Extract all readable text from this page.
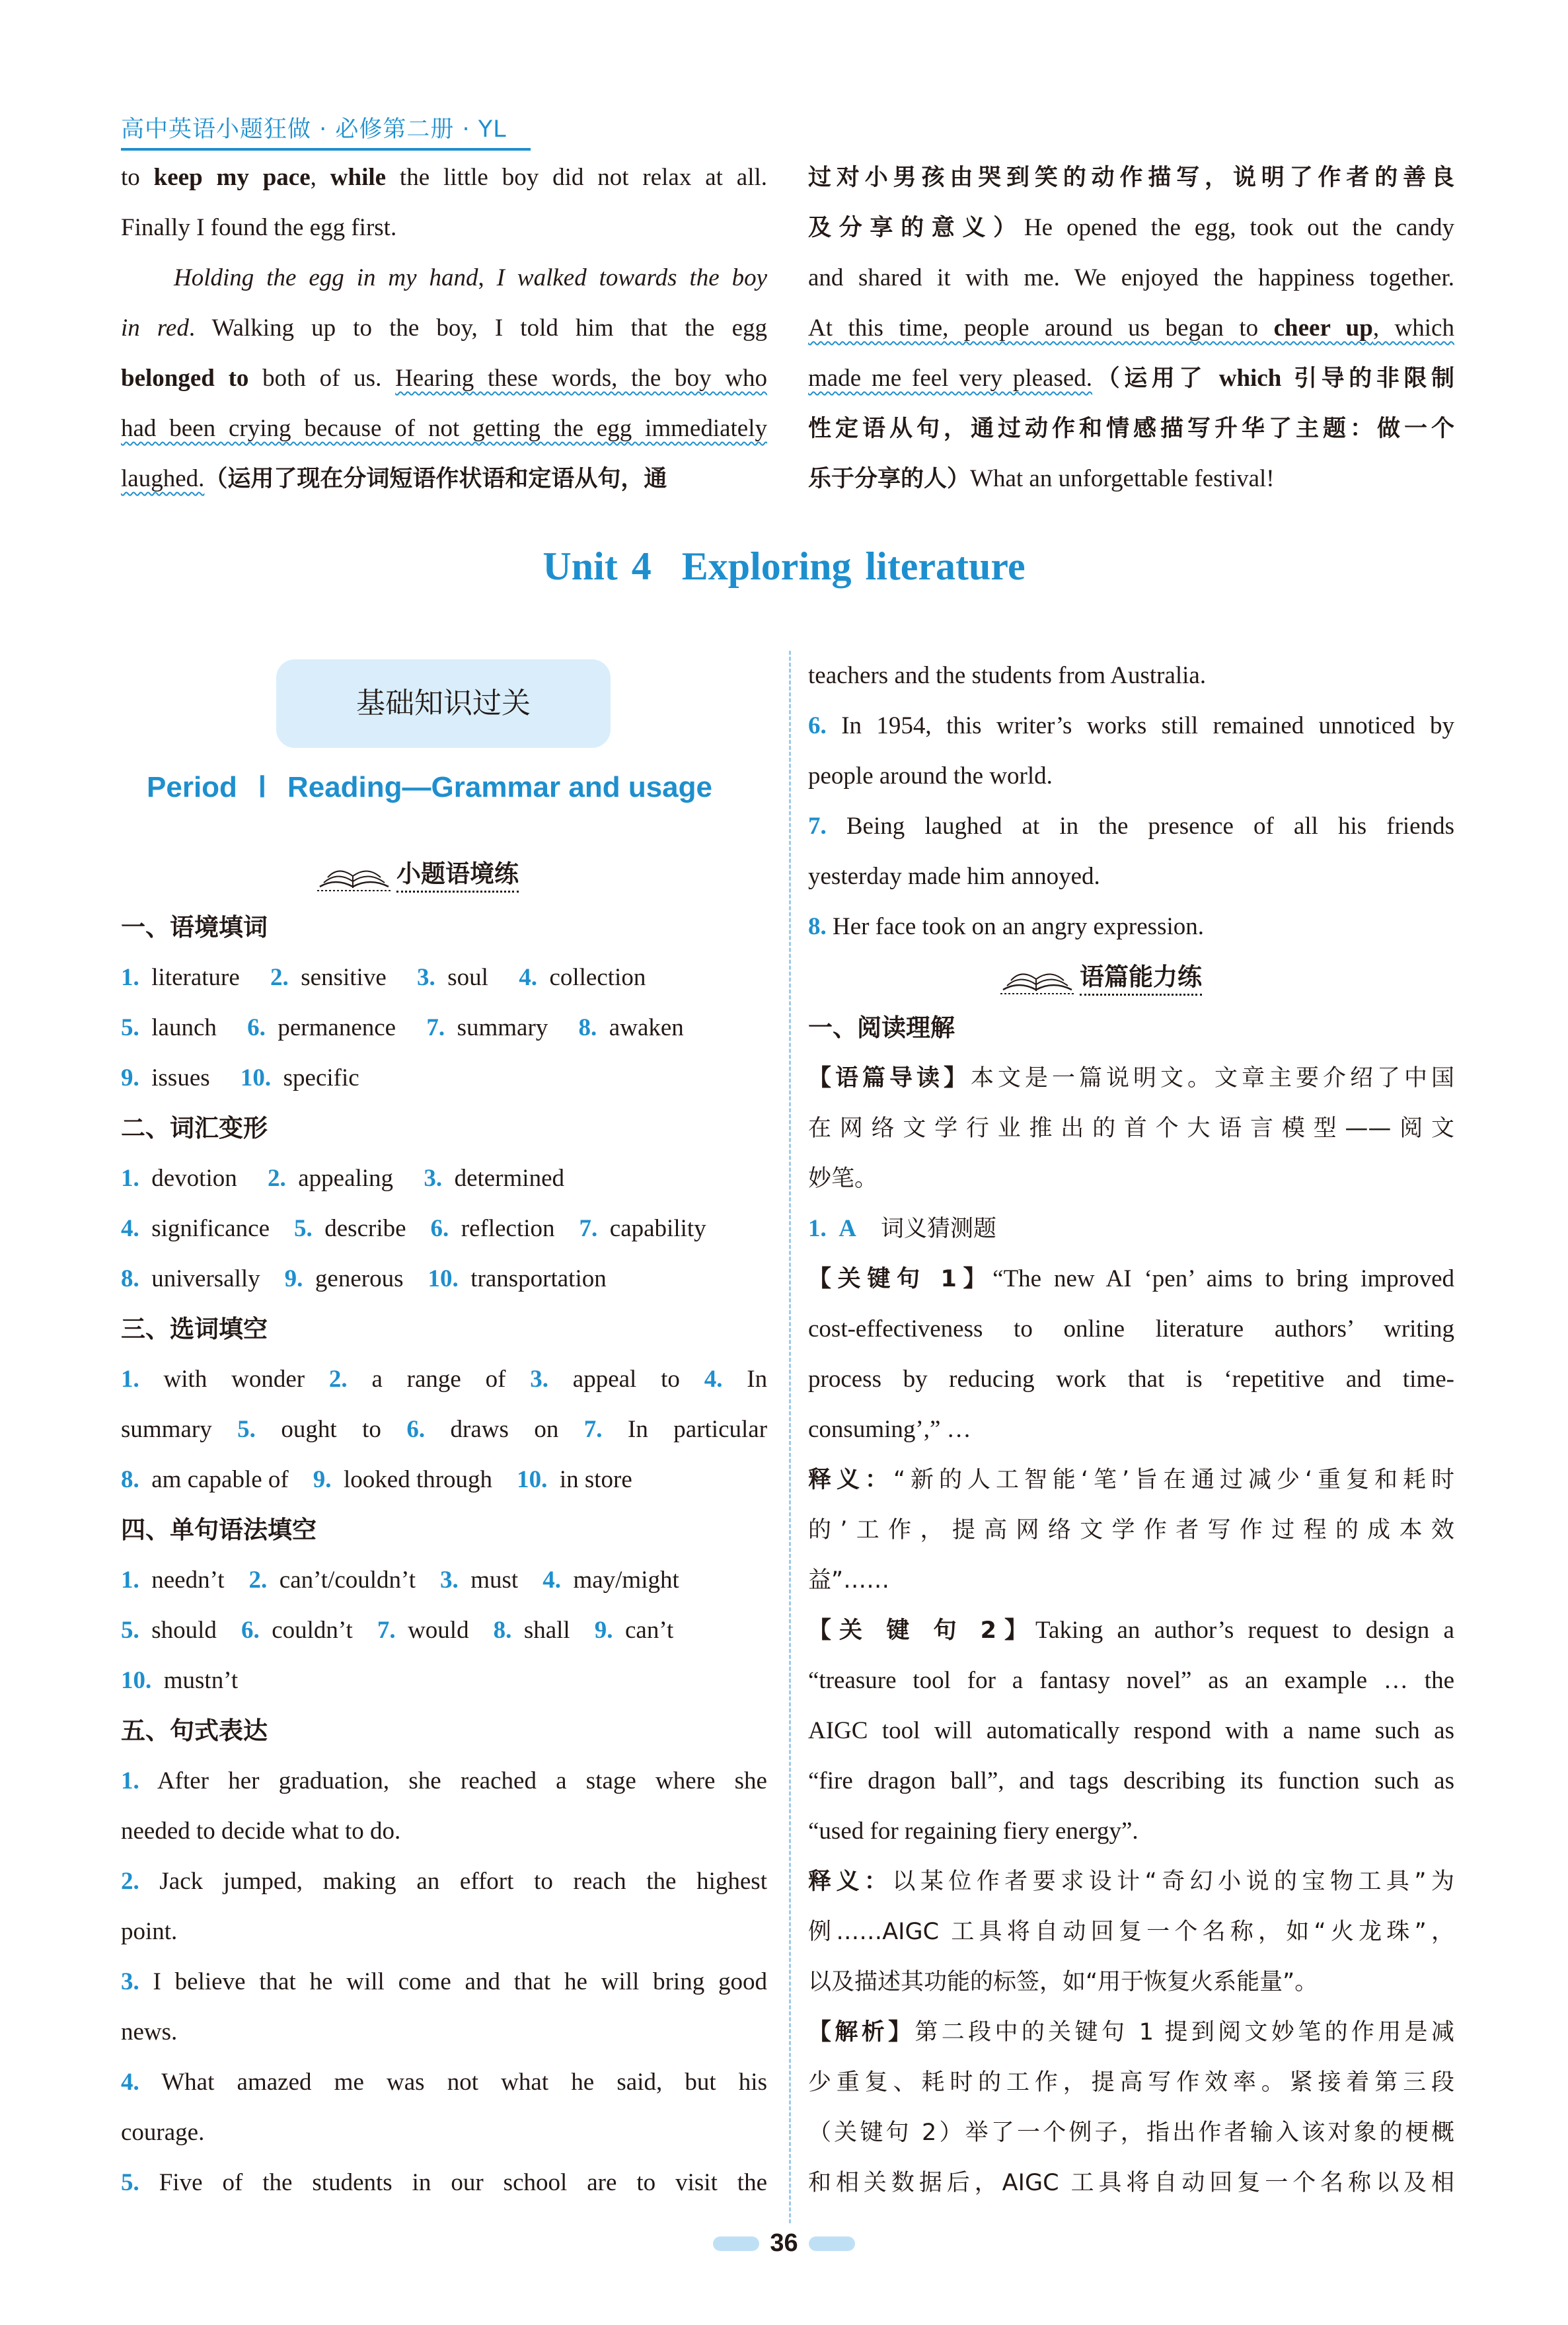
高中英语小题狂做 · 必修第二册 · YL
to keep my pace, while the little boy did not relax at all.
Finally I found the egg first.
Holding the egg in my hand, I walked towards the boy
in red. Walking up to the boy, I told him that the egg
belonged to both of us. Hearing these words, the boy who
had been crying because of not getting the egg immediately
laughed.（运用了现在分词短语作状语和定语从句，通
过对小男孩由哭到笑的动作描写，说明了作者的善良
及分享的意义）He opened the egg, took out the candy
and shared it with me. We enjoyed the happiness together.
At this time, people around us began to cheer up, which
made me feel very pleased.（运用了 which 引导的非限制
性定语从句，通过动作和情感描写升华了主题：做一个
乐于分享的人）What an unforgettable festival!
Unit 4 Exploring literature
基础知识过关
Period Ⅰ Reading—Grammar and usage
小题语境练
一、语境填词
1. literature 2. sensitive 3. soul 4. collection
5. launch 6. permanence 7. summary 8. awaken
9. issues 10. specific
二、词汇变形
1. devotion 2. appealing 3. determined
4. significance 5. describe 6. reflection 7. capability
8. universally 9. generous 10. transportation
三、选词填空
1. with wonder 2. a range of 3. appeal to 4. In
summary 5. ought to 6. draws on 7. In particular
8. am capable of 9. looked through 10. in store
四、单句语法填空
1. needn’t 2. can’t/couldn’t 3. must 4. may/might
5. should 6. couldn’t 7. would 8. shall 9. can’t
10. mustn’t
五、句式表达
1. After her graduation, she reached a stage where she
needed to decide what to do.
2. Jack jumped, making an effort to reach the highest
point.
3. I believe that he will come and that he will bring good
news.
4. What amazed me was not what he said, but his
courage.
5. Five of the students in our school are to visit the
teachers and the students from Australia.
6. In 1954, this writer’s works still remained unnoticed by
people around the world.
7. Being laughed at in the presence of all his friends
yesterday made him annoyed.
8. Her face took on an angry expression.
语篇能力练
一、阅读理解
【语篇导读】本文是一篇说明文。文章主要介绍了中国
在网络文学行业推出的首个大语言模型——阅文
妙笔。
1. A 词义猜测题
【关键句 1】“The new AI ‘pen’ aims to bring improved
cost-effectiveness to online literature authors’ writing
process by reducing work that is ‘repetitive and time-
consuming’,” …
释义：“新的人工智能‘笔’旨在通过减少‘重复和耗时
的’工作，提高网络文学作者写作过程的成本效
益”……
【关 键 句 2】Taking an author’s request to design a
“treasure tool for a fantasy novel” as an example … the
AIGC tool will automatically respond with a name such as
“fire dragon ball”, and tags describing its function such as
“used for regaining fiery energy”.
释义：以某位作者要求设计“奇幻小说的宝物工具”为
例……AIGC 工具将自动回复一个名称，如“火龙珠”，
以及描述其功能的标签，如“用于恢复火系能量”。
【解析】第二段中的关键句 1 提到阅文妙笔的作用是减
少重复、耗时的工作，提高写作效率。紧接着第三段
（关键句 2）举了一个例子，指出作者输入该对象的梗概
和相关数据后，AIGC 工具将自动回复一个名称以及相
36
